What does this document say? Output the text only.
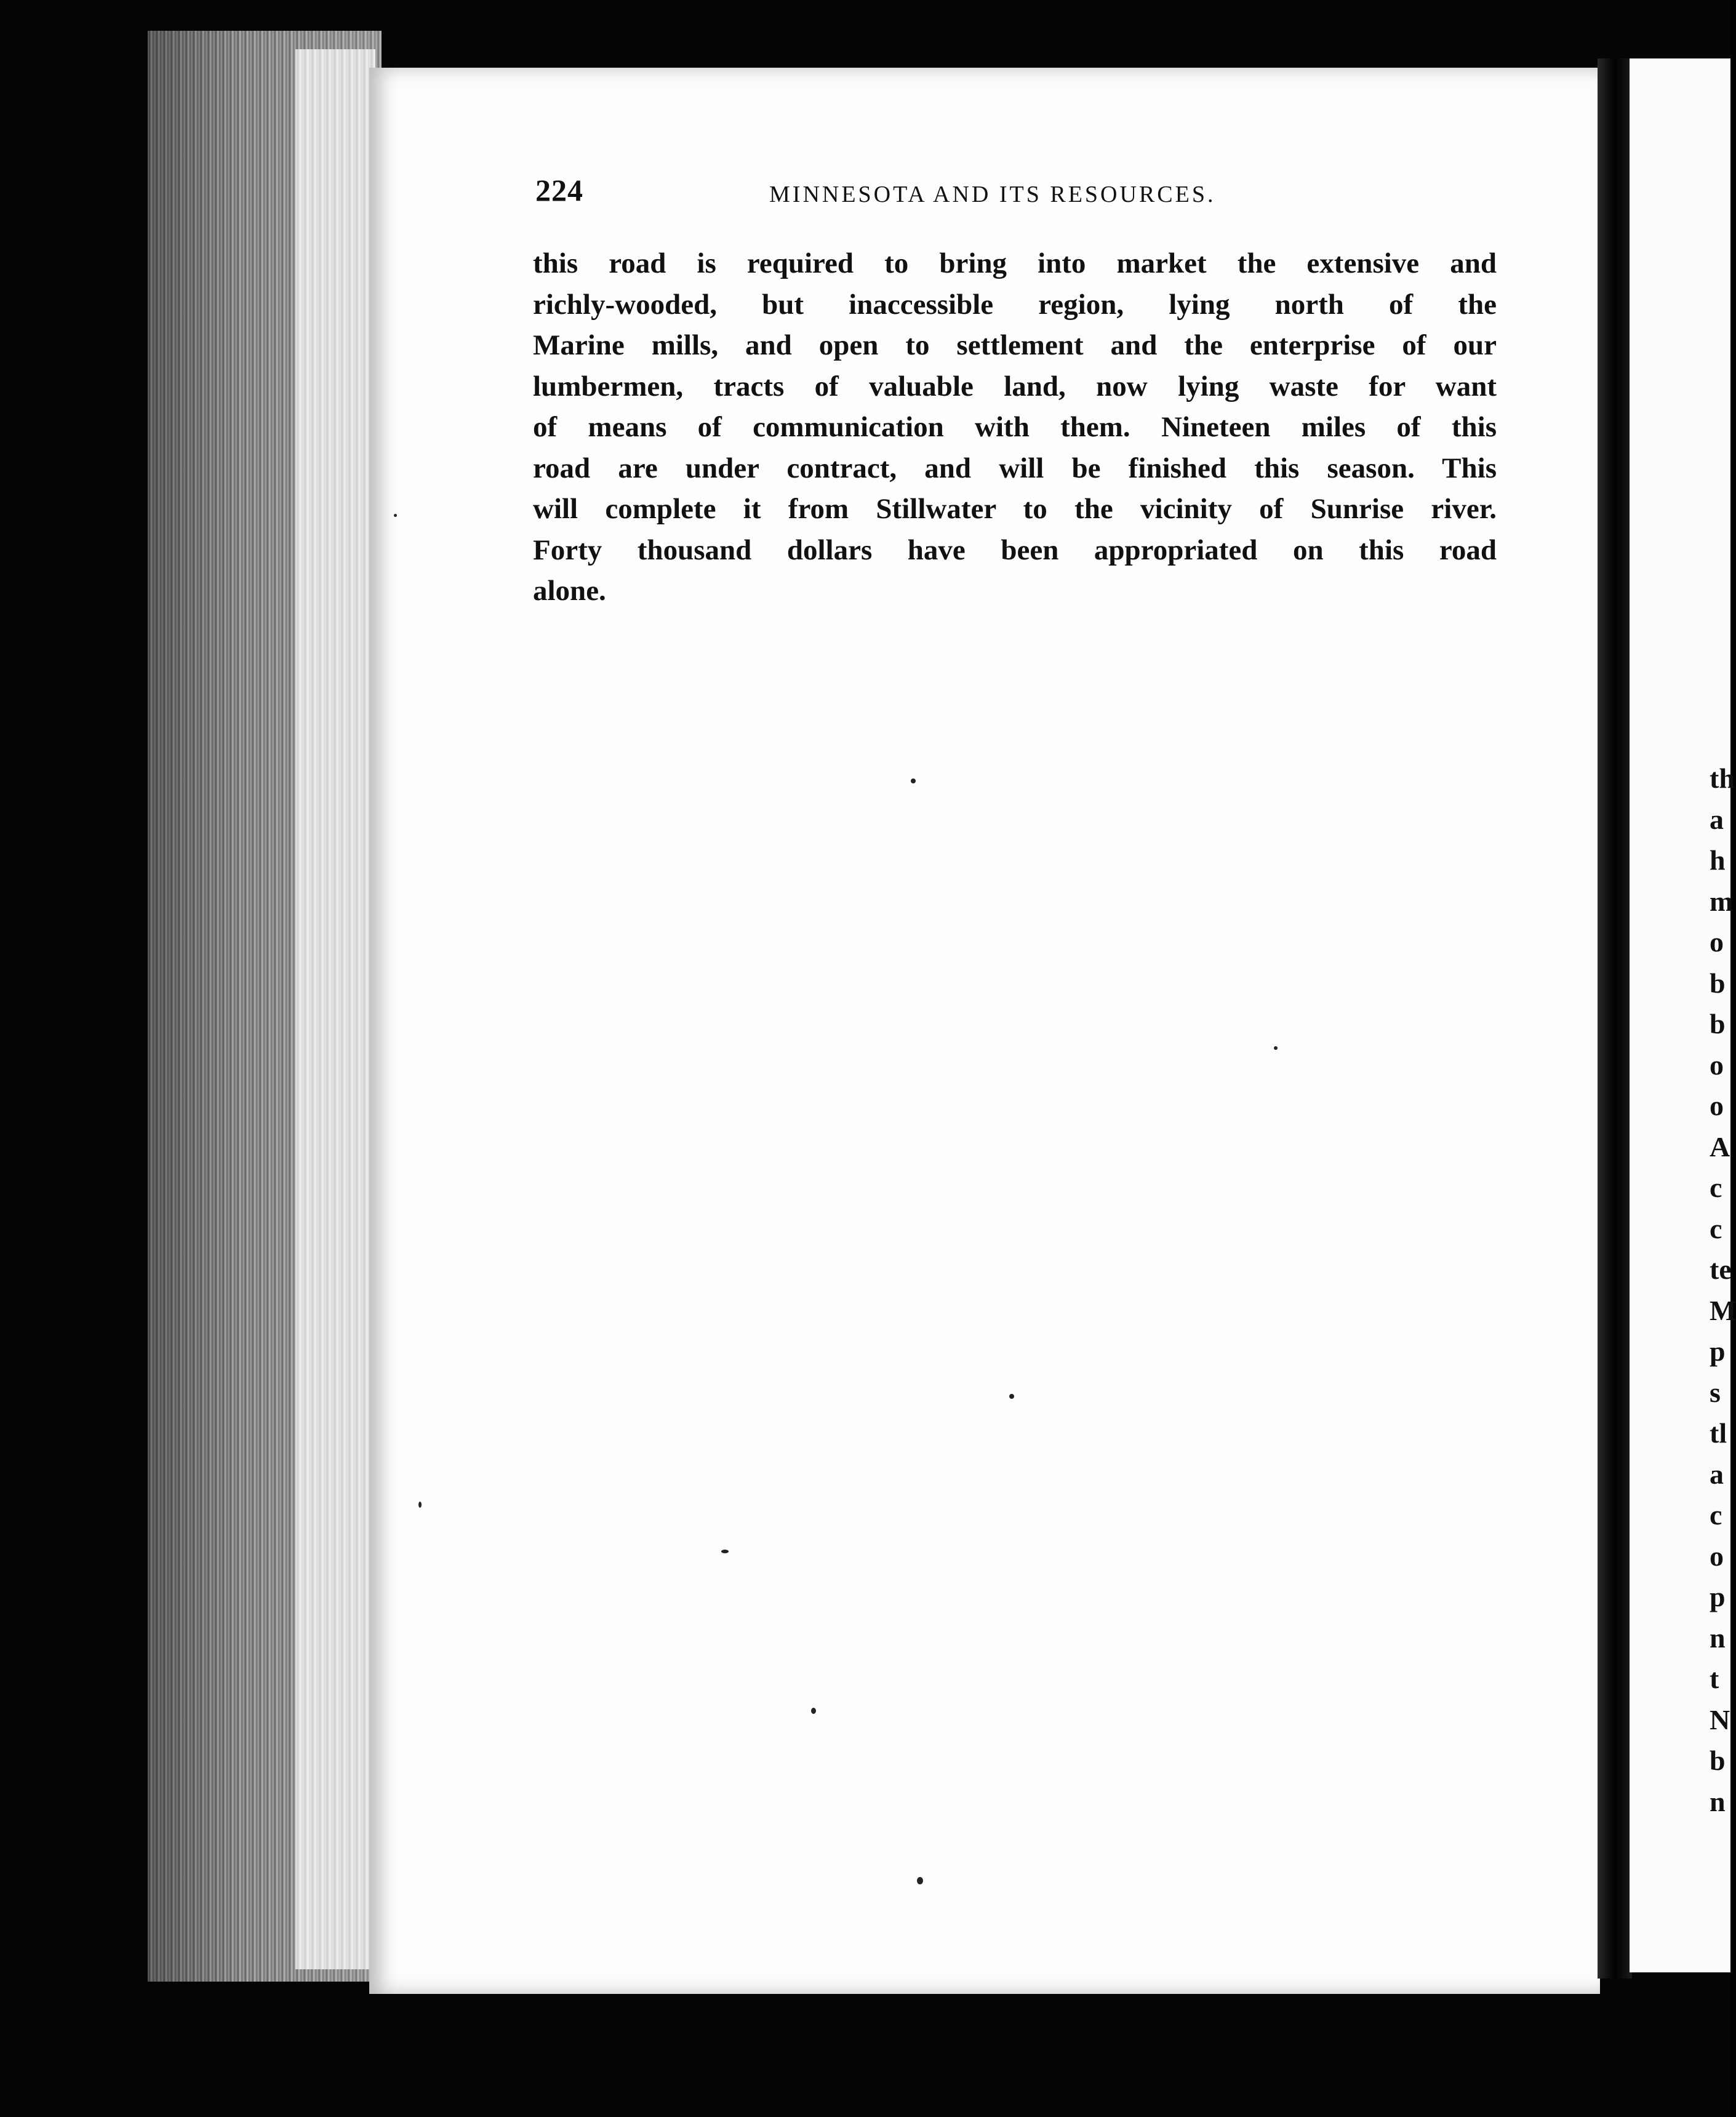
224	MINNESOTA AND ITS RESOURCES.
this road is required to bring into market the extensive and
richly-wooded, but inaccessible region, lying north of the
Marine mills, and open to settlement and the enterprise of our
lumbermen, tracts of valuable land, now lying waste for want
of means of communication with them. Nineteen miles of this
road are under contract, and will be finished this season. This
will complete it from Stillwater to the vicinity of Sunrise river.
Forty thousand dollars have been appropriated on this road
alone.
th
a
h
m
o
b
b
o
o
A
c
c
te
M
p
s
tl
a
c
o
p
n
t
N
b
n
